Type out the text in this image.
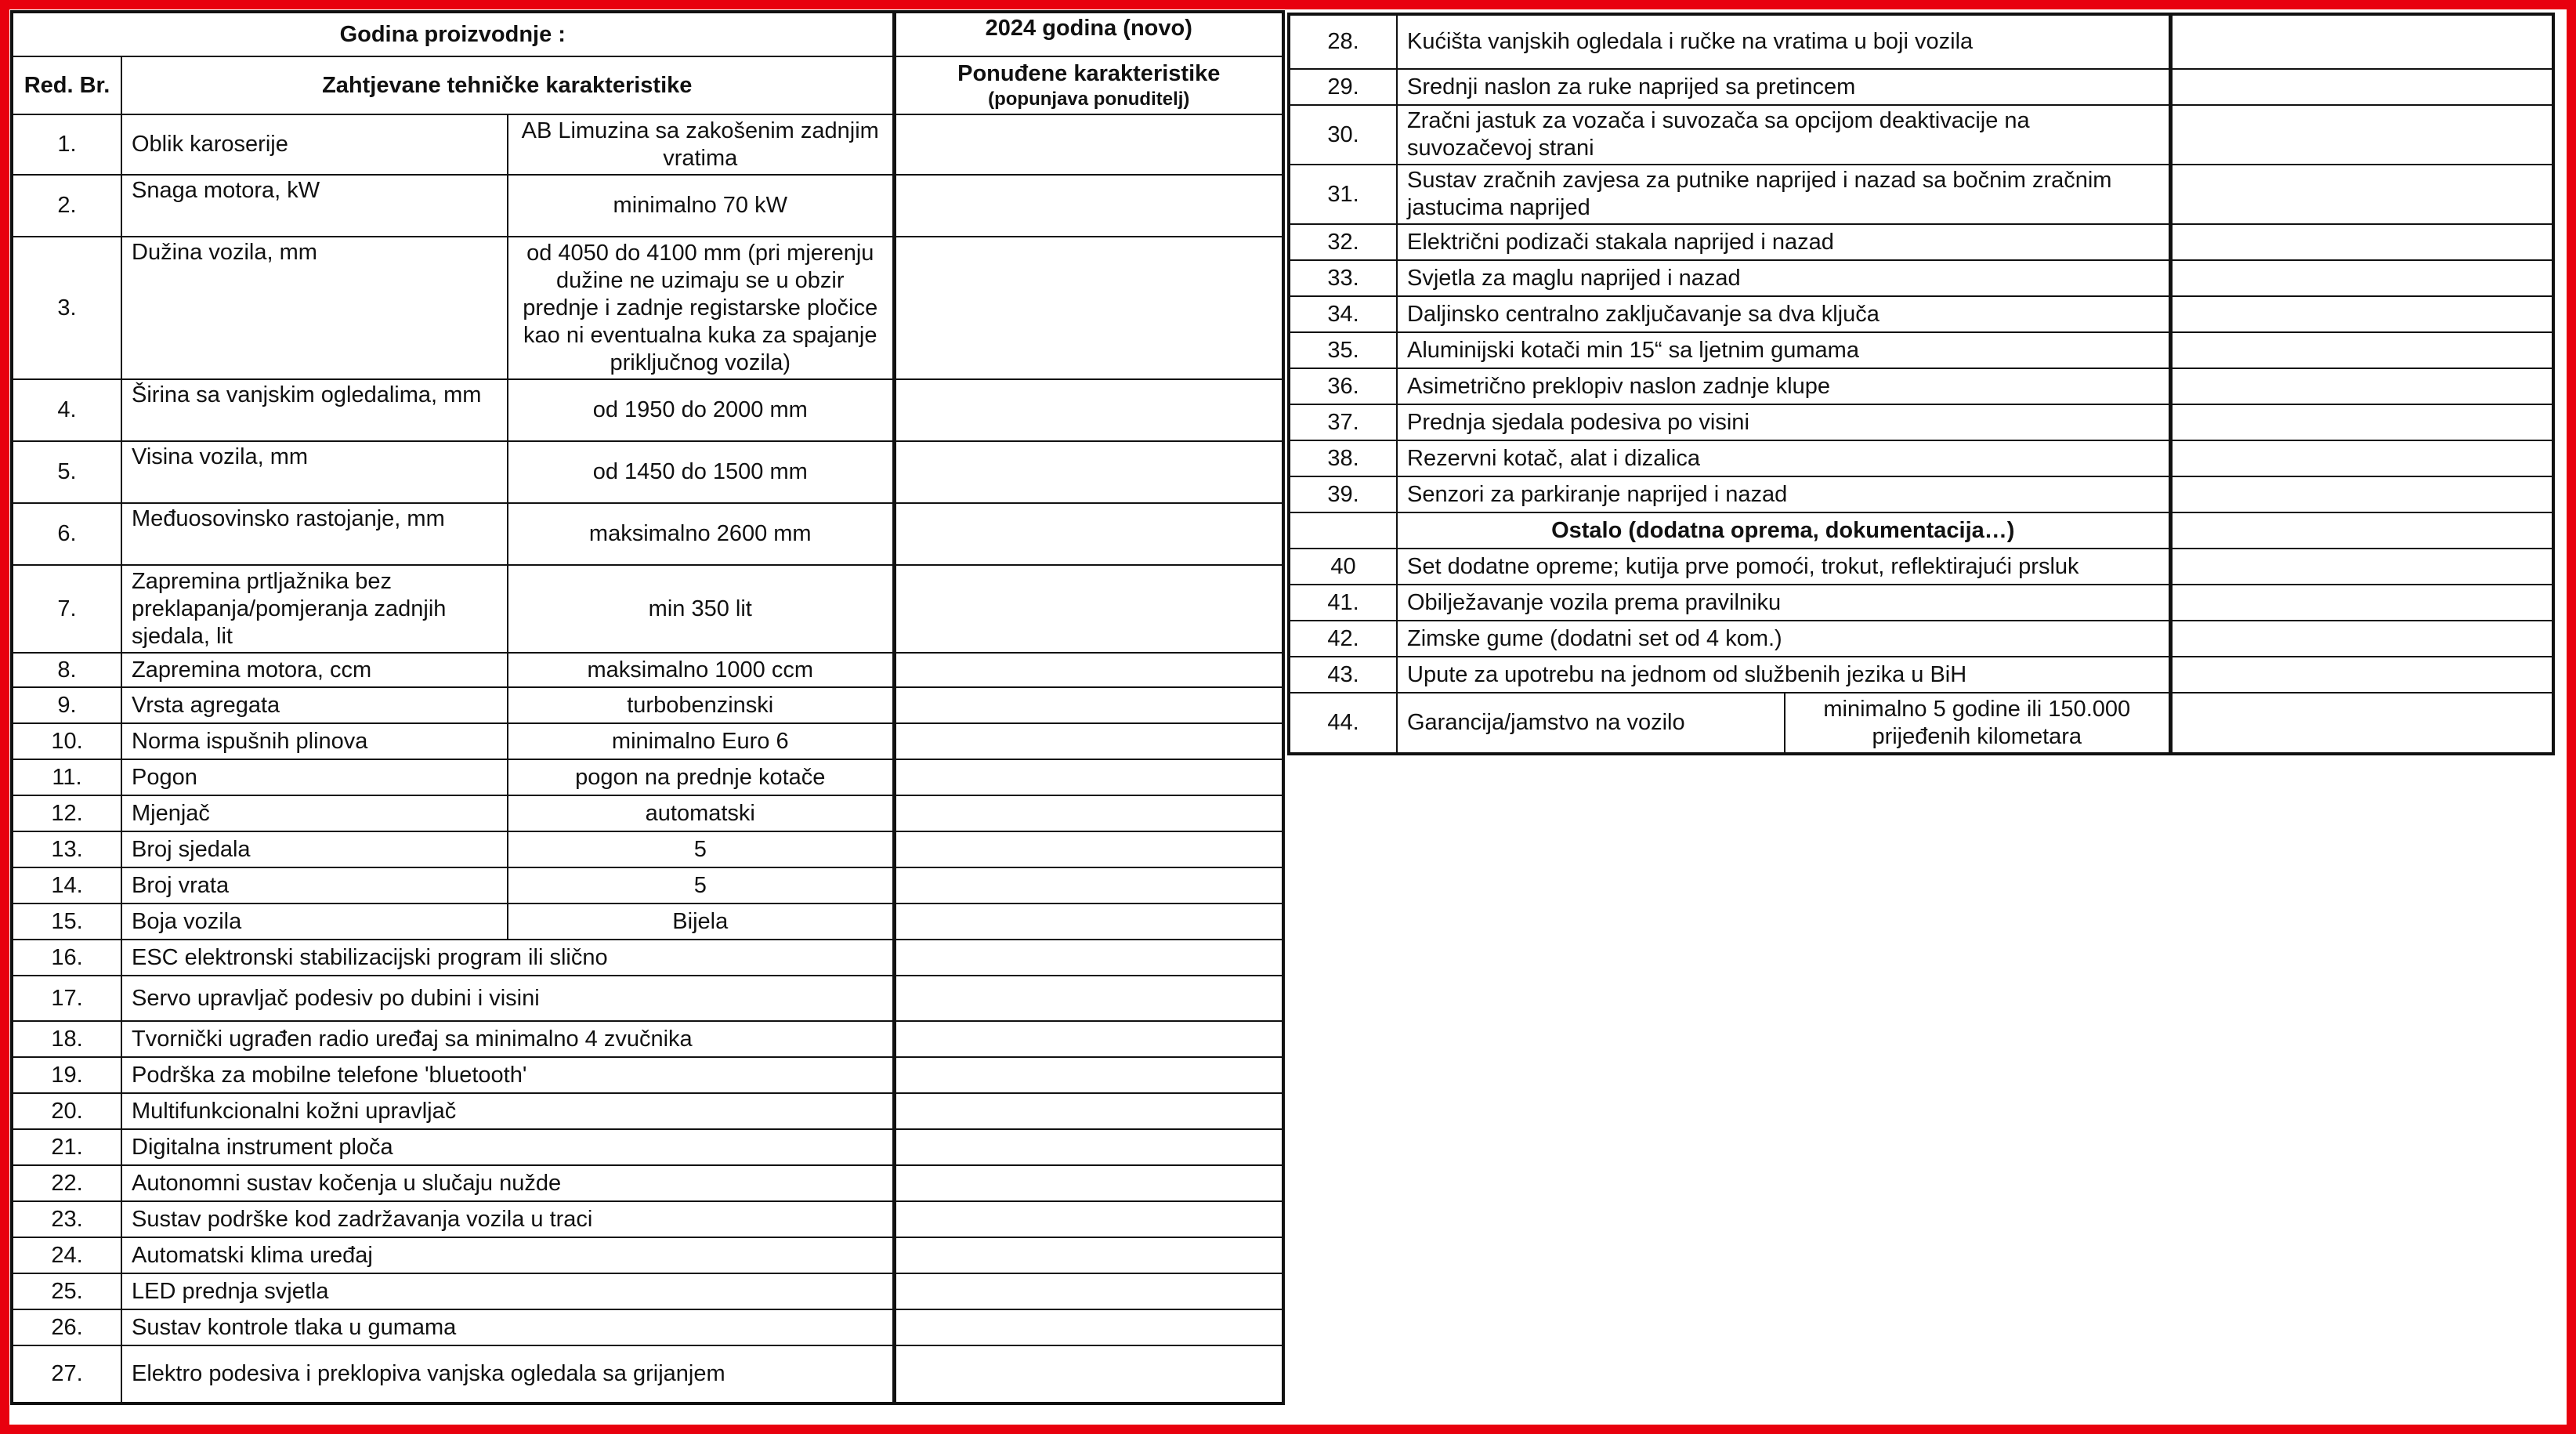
Godina proizvodnje :			2024 godina (novo)
Red. Br.	Zahtjevane tehničke karakteristike		Ponuđene karakteristike
(popunjava ponuditelj)

1.	Oblik karoserije	AB Limuzina sa zakošenim zadnjim vratima	
2.	Snaga motora, kW	minimalno 70 kW	
3.	Dužina vozila, mm	od 4050 do 4100 mm (pri mjerenju dužine ne uzimaju se u obzir prednje i zadnje registarske pločice kao ni eventualna kuka za spajanje priključnog vozila)	
4.	Širina sa vanjskim ogledalima, mm	od 1950 do 2000 mm	
5.	Visina vozila, mm	od 1450 do 1500 mm	
6.	Međuosovinsko rastojanje, mm	maksimalno 2600 mm	
7.	Zapremina prtljažnika bez preklapanja/pomjeranja zadnjih sjedala, lit	min 350 lit	
8.	Zapremina motora, ccm	maksimalno 1000 ccm	
9.	Vrsta agregata	turbobenzinski	
10.	Norma ispušnih plinova	minimalno Euro 6	
11.	Pogon	pogon na prednje kotače	
12.	Mjenjač	automatski	
13.	Broj sjedala	5	
14.	Broj vrata	5	
15.	Boja vozila	Bijela	
16.	ESC elektronski stabilizacijski program ili slično		
17.	Servo upravljač podesiv po dubini i visini		
18.	Tvornički ugrađen radio uređaj sa minimalno 4 zvučnika		
19.	Podrška za mobilne telefone 'bluetooth'		
20.	Multifunkcionalni kožni upravljač		
21.	Digitalna instrument ploča		
22.	Autonomni sustav kočenja u slučaju nužde		
23.	Sustav podrške kod zadržavanja vozila u traci		
24.	Automatski klima uređaj		
25.	LED prednja svjetla		
26.	Sustav kontrole tlaka u gumama		
27.	Elektro podesiva i preklopiva vanjska ogledala sa grijanjem		
28.	Kućišta vanjskih ogledala i ručke na vratima u boji vozila		
29.	Srednji naslon za ruke naprijed sa pretincem		
30.	Zračni jastuk za vozača i suvozača sa opcijom deaktivacije na suvozačevoj strani		
31.	Sustav zračnih zavjesa za putnike naprijed i nazad sa bočnim zračnim jastucima naprijed		
32.	Električni podizači stakala naprijed i nazad		
33.	Svjetla za maglu naprijed i nazad		
34.	Daljinsko centralno zaključavanje sa dva ključa		
35.	Aluminijski kotači min 15“ sa ljetnim gumama		
36.	Asimetrično preklopiv naslon zadnje klupe		
37.	Prednja sjedala podesiva po visini		
38.	Rezervni kotač, alat i dizalica		
39.	Senzori za parkiranje naprijed i nazad		
	Ostalo (dodatna oprema, dokumentacija…)		
40	Set dodatne opreme; kutija prve pomoći, trokut, reflektirajući prsluk		
41.	Obilježavanje vozila prema pravilniku		
42.	Zimske gume (dodatni set od 4 kom.)		
43.	Upute za upotrebu na jednom od službenih jezika u BiH		
44.	Garancija/jamstvo na vozilo	minimalno 5 godine ili 150.000 prijeđenih kilometara	
